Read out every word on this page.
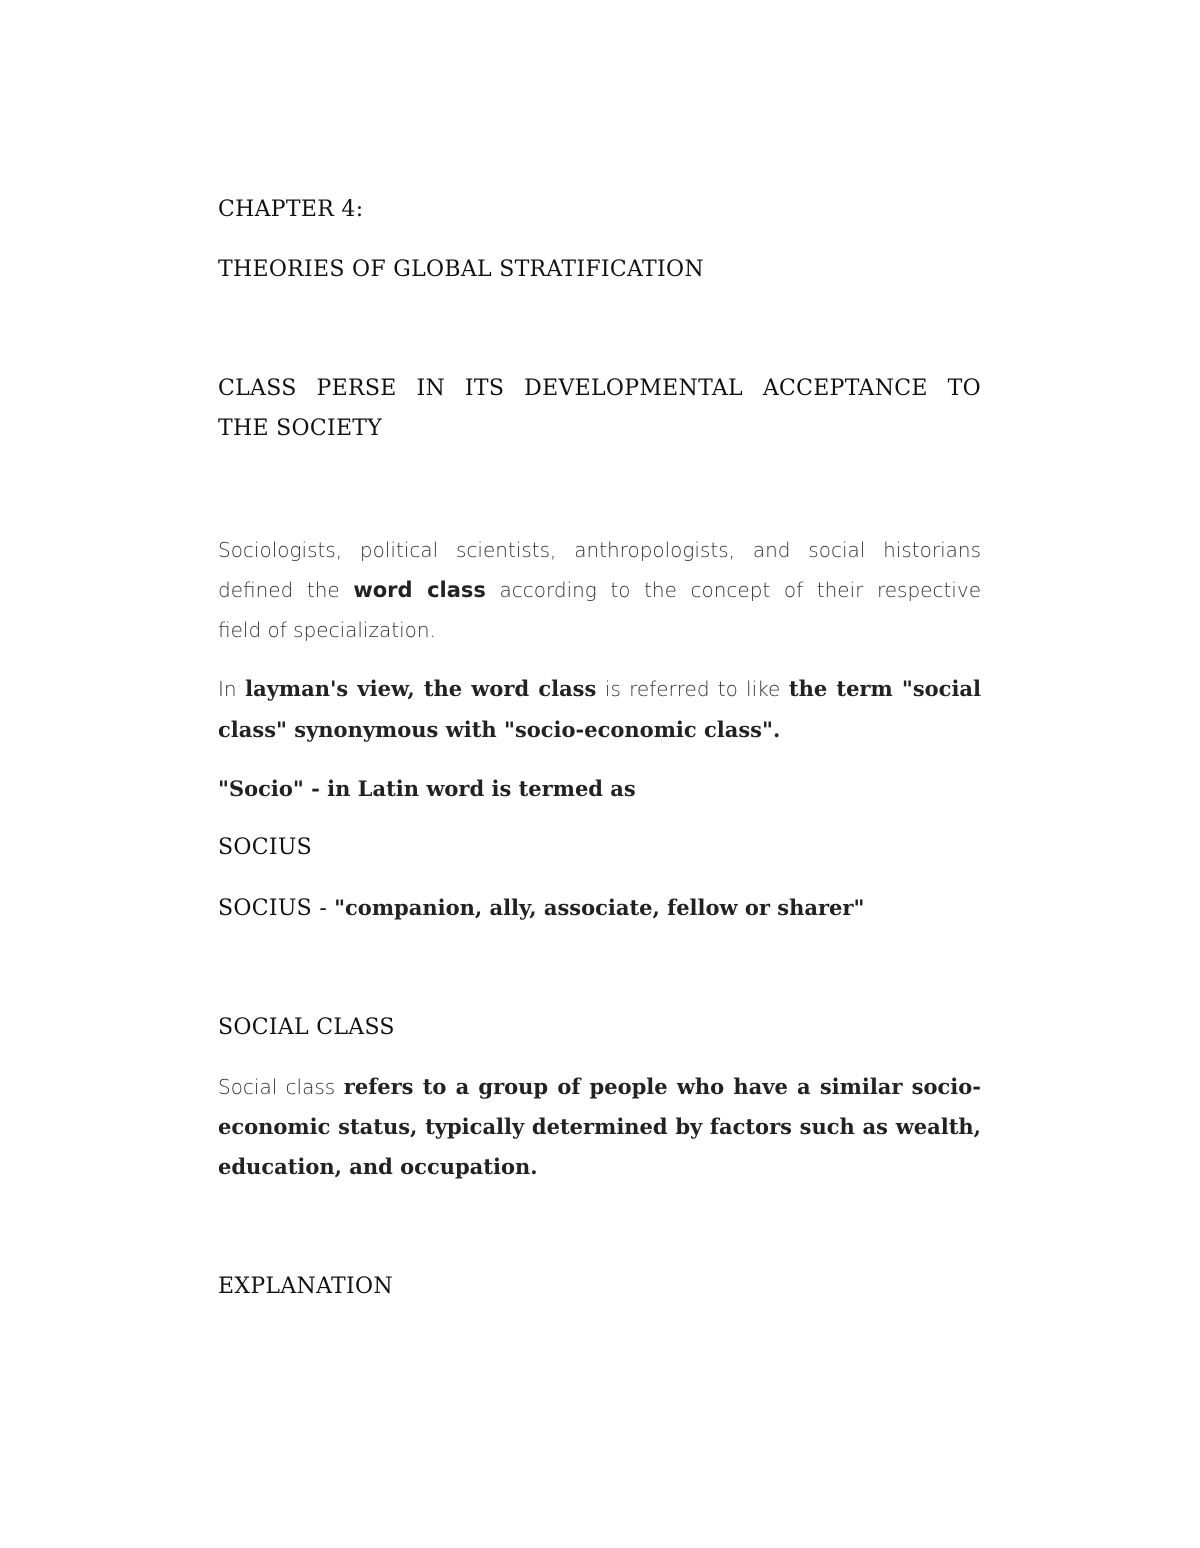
CHAPTER 4:

THEORIES OF GLOBAL STRATIFICATION

CLASS PERSE IN ITS DEVELOPMENTAL ACCEPTANCE TO

THE SOCIETY

Sociologists, political scientists, anthropologists, and social historians

defined the word class according to the concept of their respective

field of specialization.

In layman's view, the word class is referred to like the term "social

class" synonymous with "socio-economic class".

"Socio" - in Latin word is termed as

SOCIUS

SOCIUS - "companion, ally, associate, fellow or sharer"

SOCIAL CLASS

Social class refers to a group of people who have a similar socio-

economic status, typically determined by factors such as wealth,

education, and occupation.

EXPLANATION
